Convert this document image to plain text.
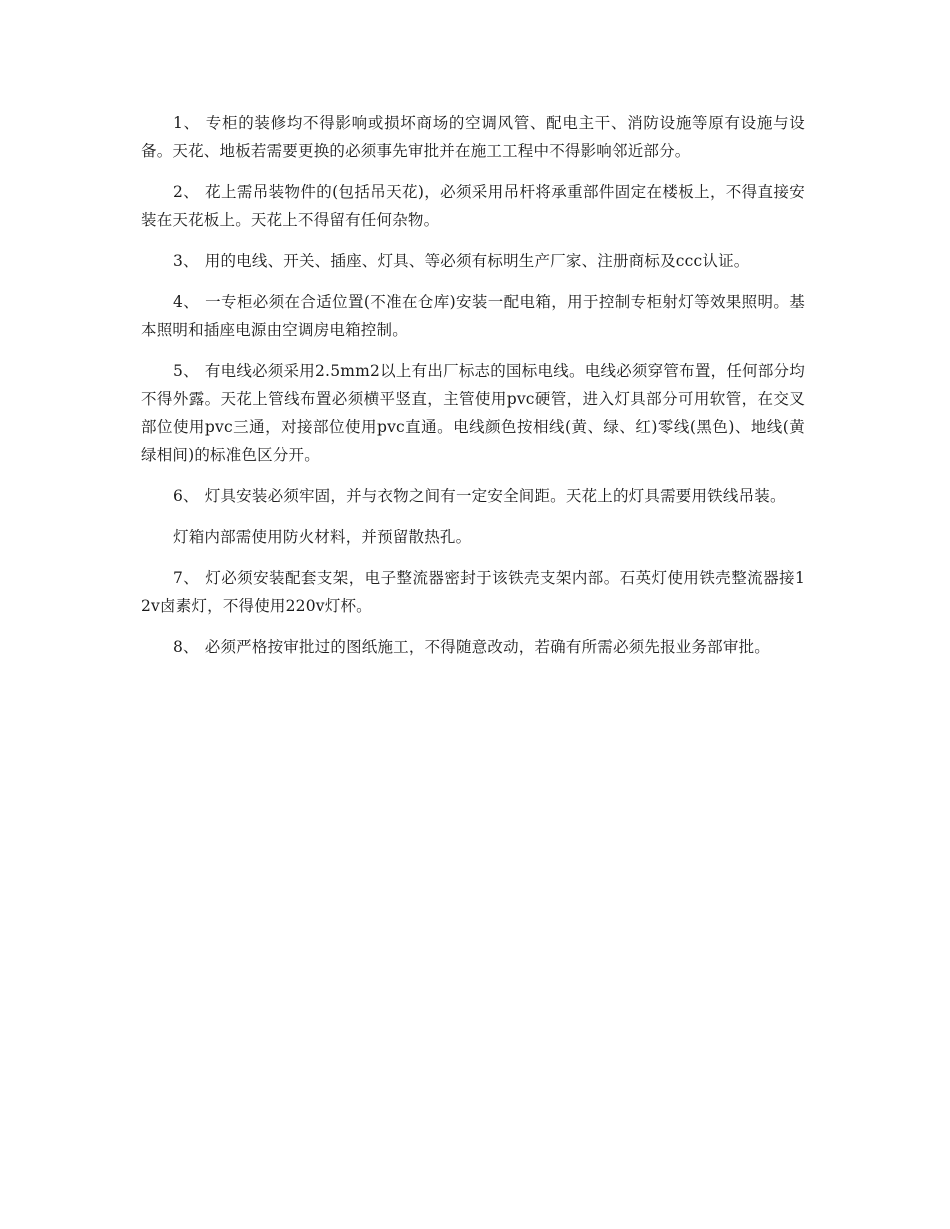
1、 专柜的装修均不得影响或损坏商场的空调风管、配电主干、消防设施等原有设施与设备。天花、地板若需要更换的必须事先审批并在施工工程中不得影响邻近部分。

2、 花上需吊装物件的(包括吊天花)，必须采用吊杆将承重部件固定在楼板上，不得直接安装在天花板上。天花上不得留有任何杂物。

3、 用的电线、开关、插座、灯具、等必须有标明生产厂家、注册商标及ccc认证。

4、 一专柜必须在合适位置(不准在仓库)安装一配电箱，用于控制专柜射灯等效果照明。基本照明和插座电源由空调房电箱控制。

5、 有电线必须采用2.5mm2以上有出厂标志的国标电线。电线必须穿管布置，任何部分均不得外露。天花上管线布置必须横平竖直，主管使用pvc硬管，进入灯具部分可用软管，在交叉部位使用pvc三通，对接部位使用pvc直通。电线颜色按相线(黄、绿、红)零线(黑色)、地线(黄绿相间)的标准色区分开。

6、 灯具安装必须牢固，并与衣物之间有一定安全间距。天花上的灯具需要用铁线吊装。

灯箱内部需使用防火材料，并预留散热孔。

7、 灯必须安装配套支架，电子整流器密封于该铁壳支架内部。石英灯使用铁壳整流器接12v卤素灯，不得使用220v灯杯。

8、 必须严格按审批过的图纸施工，不得随意改动，若确有所需必须先报业务部审批。
